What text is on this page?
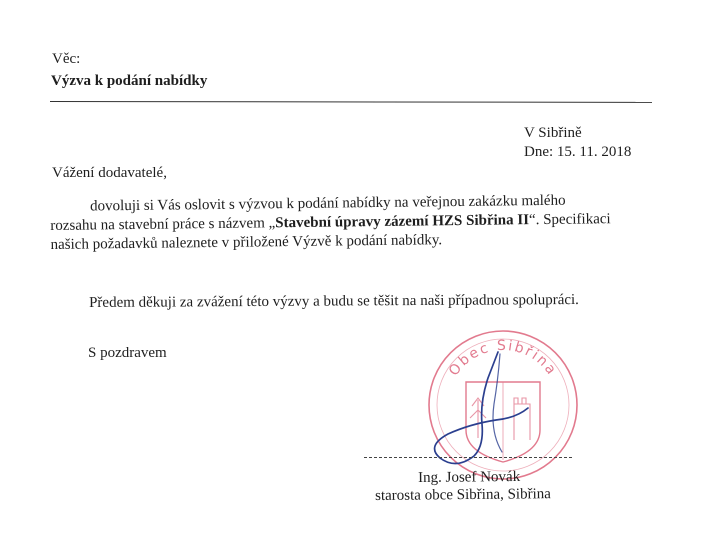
Věc:
Výzva k podání nabídky
V Sibřině
Dne: 15. 11. 2018
Vážení dodavatelé,
dovoluji si Vás oslovit s výzvou k podání nabídky na veřejnou zakázku malého
rozsahu na stavební práce s názvem „Stavební úpravy zázemí HZS Sibřina II“. Specifikaci
našich požadavků naleznete v přiložené Výzvě k podání nabídky.
Předem děkuji za zvážení této výzvy a budu se těšit na naši případnou spolupráci.
S pozdravem
Obec Sibřina
Ing. Josef Novák
starosta obce Sibřina, Sibřina
